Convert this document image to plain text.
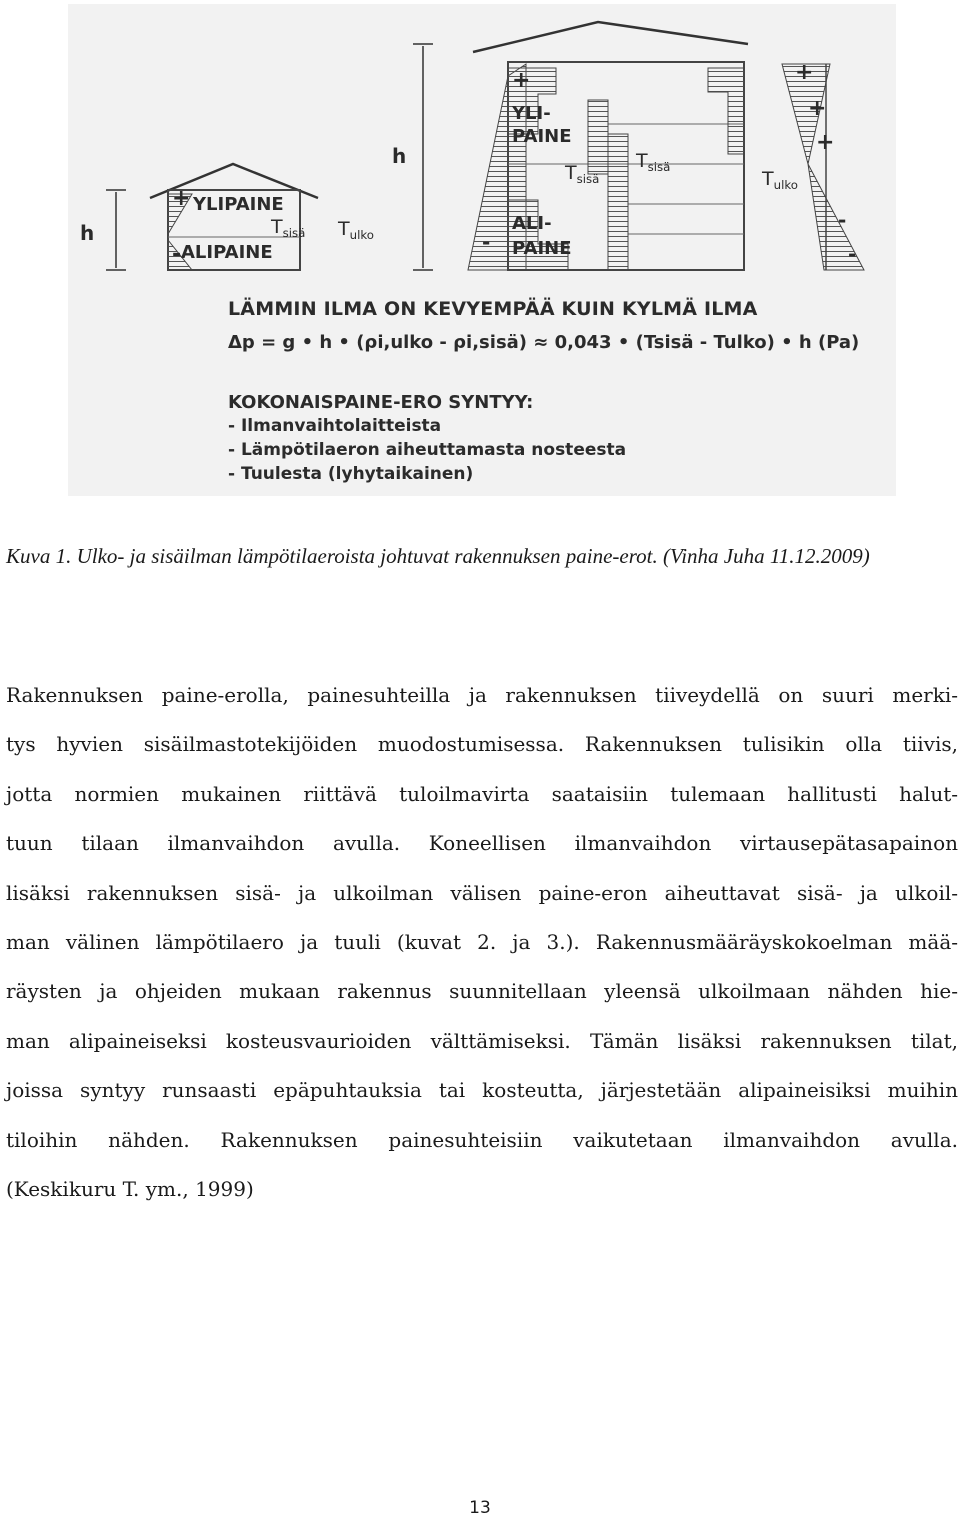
h
h
+ YLIPAINE
- ALIPAINE
$T_{sisä}$ $T_{ulko}$
+
YLI-
PAINE
ALI-
PAINE
-
$T_{sisä}$
$T_{sisä}$
$T_{ulko}$
+
+
+
-
-
LÄMMIN ILMA ON KEVYEMPÄÄ KUIN KYLMÄ ILMA
Δp = g • h • (ρi,ulko - ρi,sisä) ≈ 0,043 • (Tsisä - Tulko) • h (Pa)
KOKONAISPAINE-ERO SYNTYY:
- Ilmanvaihtolaitteista
- Lämpötilaeron aiheuttamasta nosteesta
- Tuulesta (lyhytaikainen)
Kuva 1. Ulko- ja sisäilman lämpötilaeroista johtuvat rakennuksen paine-erot. (Vinha Juha 11.12.2009)
Rakennuksen paine-erolla, painesuhteilla ja rakennuksen tiiveydellä on suuri merki-
tys hyvien sisäilmastotekijöiden muodostumisessa. Rakennuksen tulisikin olla tiivis,
jotta normien mukainen riittävä tuloilmavirta saataisiin tulemaan hallitusti halut-
tuun tilaan ilmanvaihdon avulla. Koneellisen ilmanvaihdon virtausepätasapainon
lisäksi rakennuksen sisä- ja ulkoilman välisen paine-eron aiheuttavat sisä- ja ulkoil-
man välinen lämpötilaero ja tuuli (kuvat 2. ja 3.). Rakennusmääräyskokoelman mää-
räysten ja ohjeiden mukaan rakennus suunnitellaan yleensä ulkoilmaan nähden hie-
man alipaineiseksi kosteusvaurioiden välttämiseksi. Tämän lisäksi rakennuksen tilat,
joissa syntyy runsaasti epäpuhtauksia tai kosteutta, järjestetään alipaineisiksi muihin
tiloihin nähden. Rakennuksen painesuhteisiin vaikutetaan ilmanvaihdon avulla.
(Keskikuru T. ym., 1999)
13
